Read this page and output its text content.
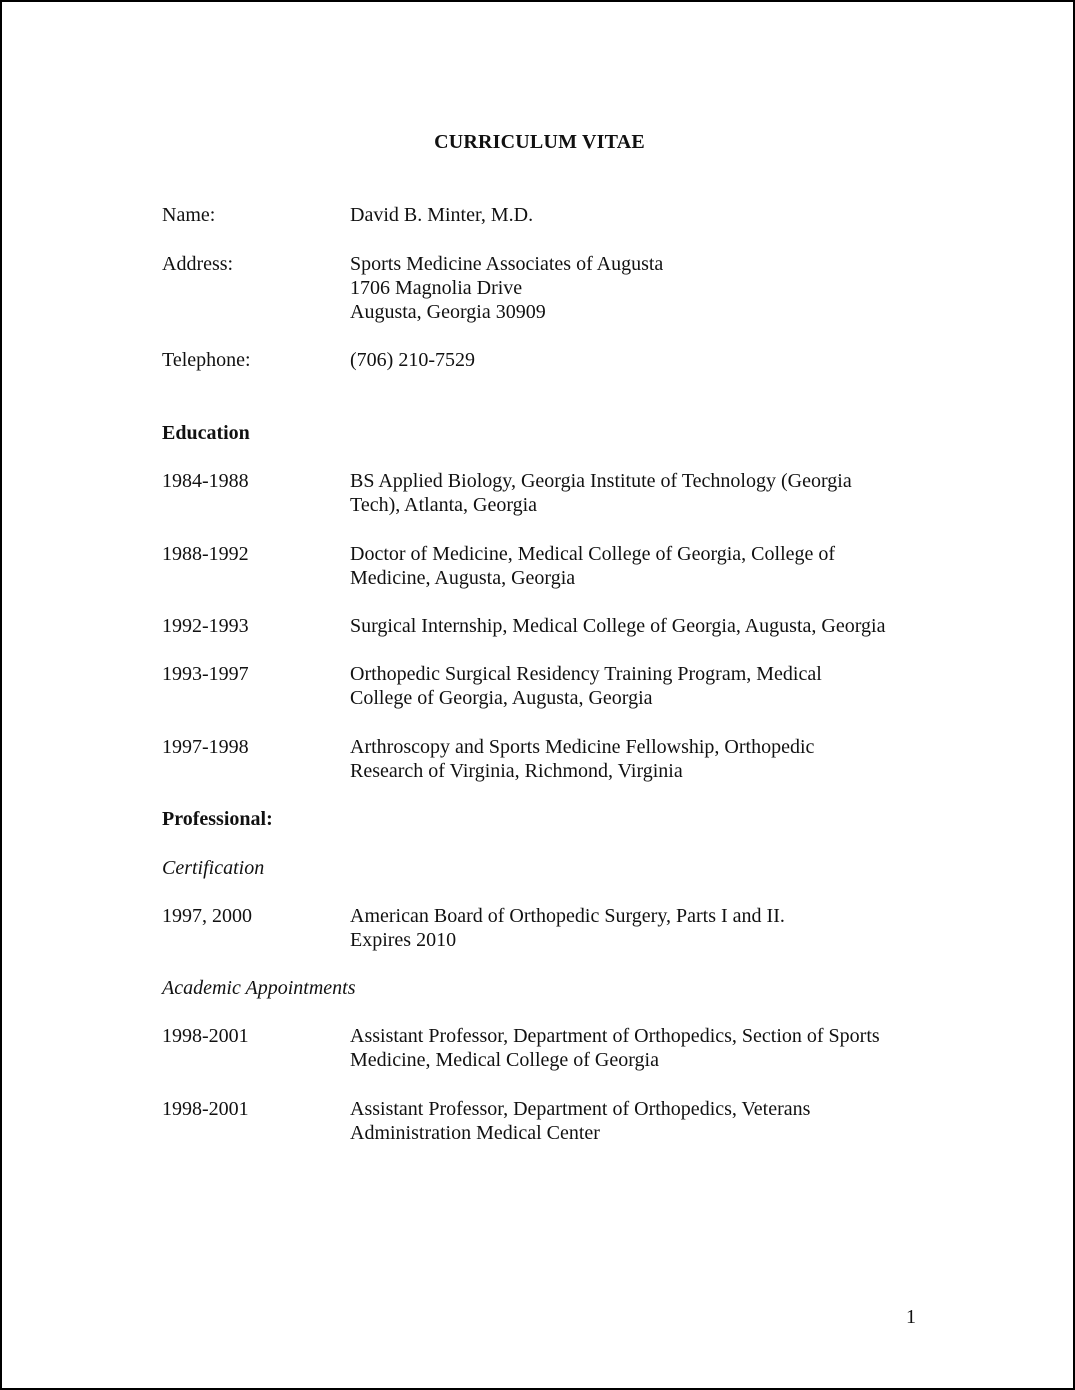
CURRICULUM VITAE
Name:	David B. Minter, M.D.
Address:	Sports Medicine Associates of Augusta
1706 Magnolia Drive
Augusta, Georgia 30909
Telephone:	(706) 210-7529
Education
1984-1988	BS Applied Biology, Georgia Institute of Technology (Georgia
Tech), Atlanta, Georgia
1988-1992	Doctor of Medicine, Medical College of Georgia, College of
Medicine, Augusta, Georgia
1992-1993	Surgical Internship, Medical College of Georgia, Augusta, Georgia
1993-1997	Orthopedic Surgical Residency Training Program, Medical
College of Georgia, Augusta, Georgia
1997-1998	Arthroscopy and Sports Medicine Fellowship, Orthopedic
Research of Virginia, Richmond, Virginia
Professional:
Certification
1997, 2000	American Board of Orthopedic Surgery, Parts I and II.
Expires 2010
Academic Appointments
1998-2001	Assistant Professor, Department of Orthopedics, Section of Sports
Medicine, Medical College of Georgia
1998-2001	Assistant Professor, Department of Orthopedics, Veterans
Administration Medical Center
1
